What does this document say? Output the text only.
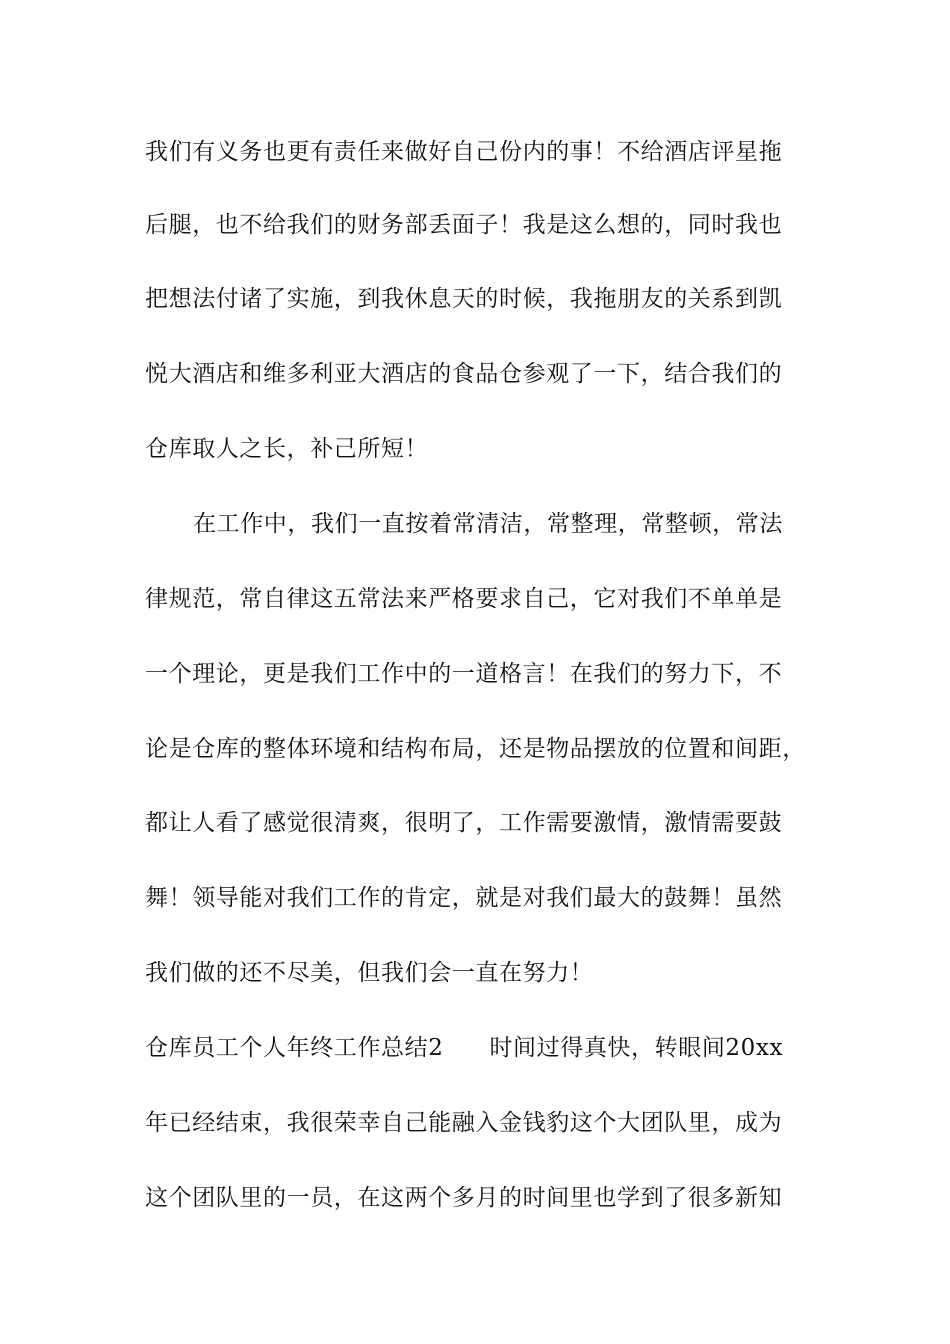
我们有义务也更有责任来做好自己份内的事！不给酒店评星拖
后腿，也不给我们的财务部丢面子！我是这么想的，同时我也
把想法付诸了实施，到我休息天的时候，我拖朋友的关系到凯
悦大酒店和维多利亚大酒店的食品仓参观了一下，结合我们的
仓库取人之长，补己所短！
在工作中，我们一直按着常清洁，常整理，常整顿，常法
律规范，常自律这五常法来严格要求自己，它对我们不单单是
一个理论，更是我们工作中的一道格言！在我们的努力下，不
论是仓库的整体环境和结构布局，还是物品摆放的位置和间距，
都让人看了感觉很清爽，很明了，工作需要激情，激情需要鼓
舞！领导能对我们工作的肯定，就是对我们最大的鼓舞！虽然
我们做的还不尽美，但我们会一直在努力！
仓库员工个人年终工作总结2 时间过得真快，转眼间20xx
年已经结束，我很荣幸自己能融入金钱豹这个大团队里，成为
这个团队里的一员，在这两个多月的时间里也学到了很多新知
